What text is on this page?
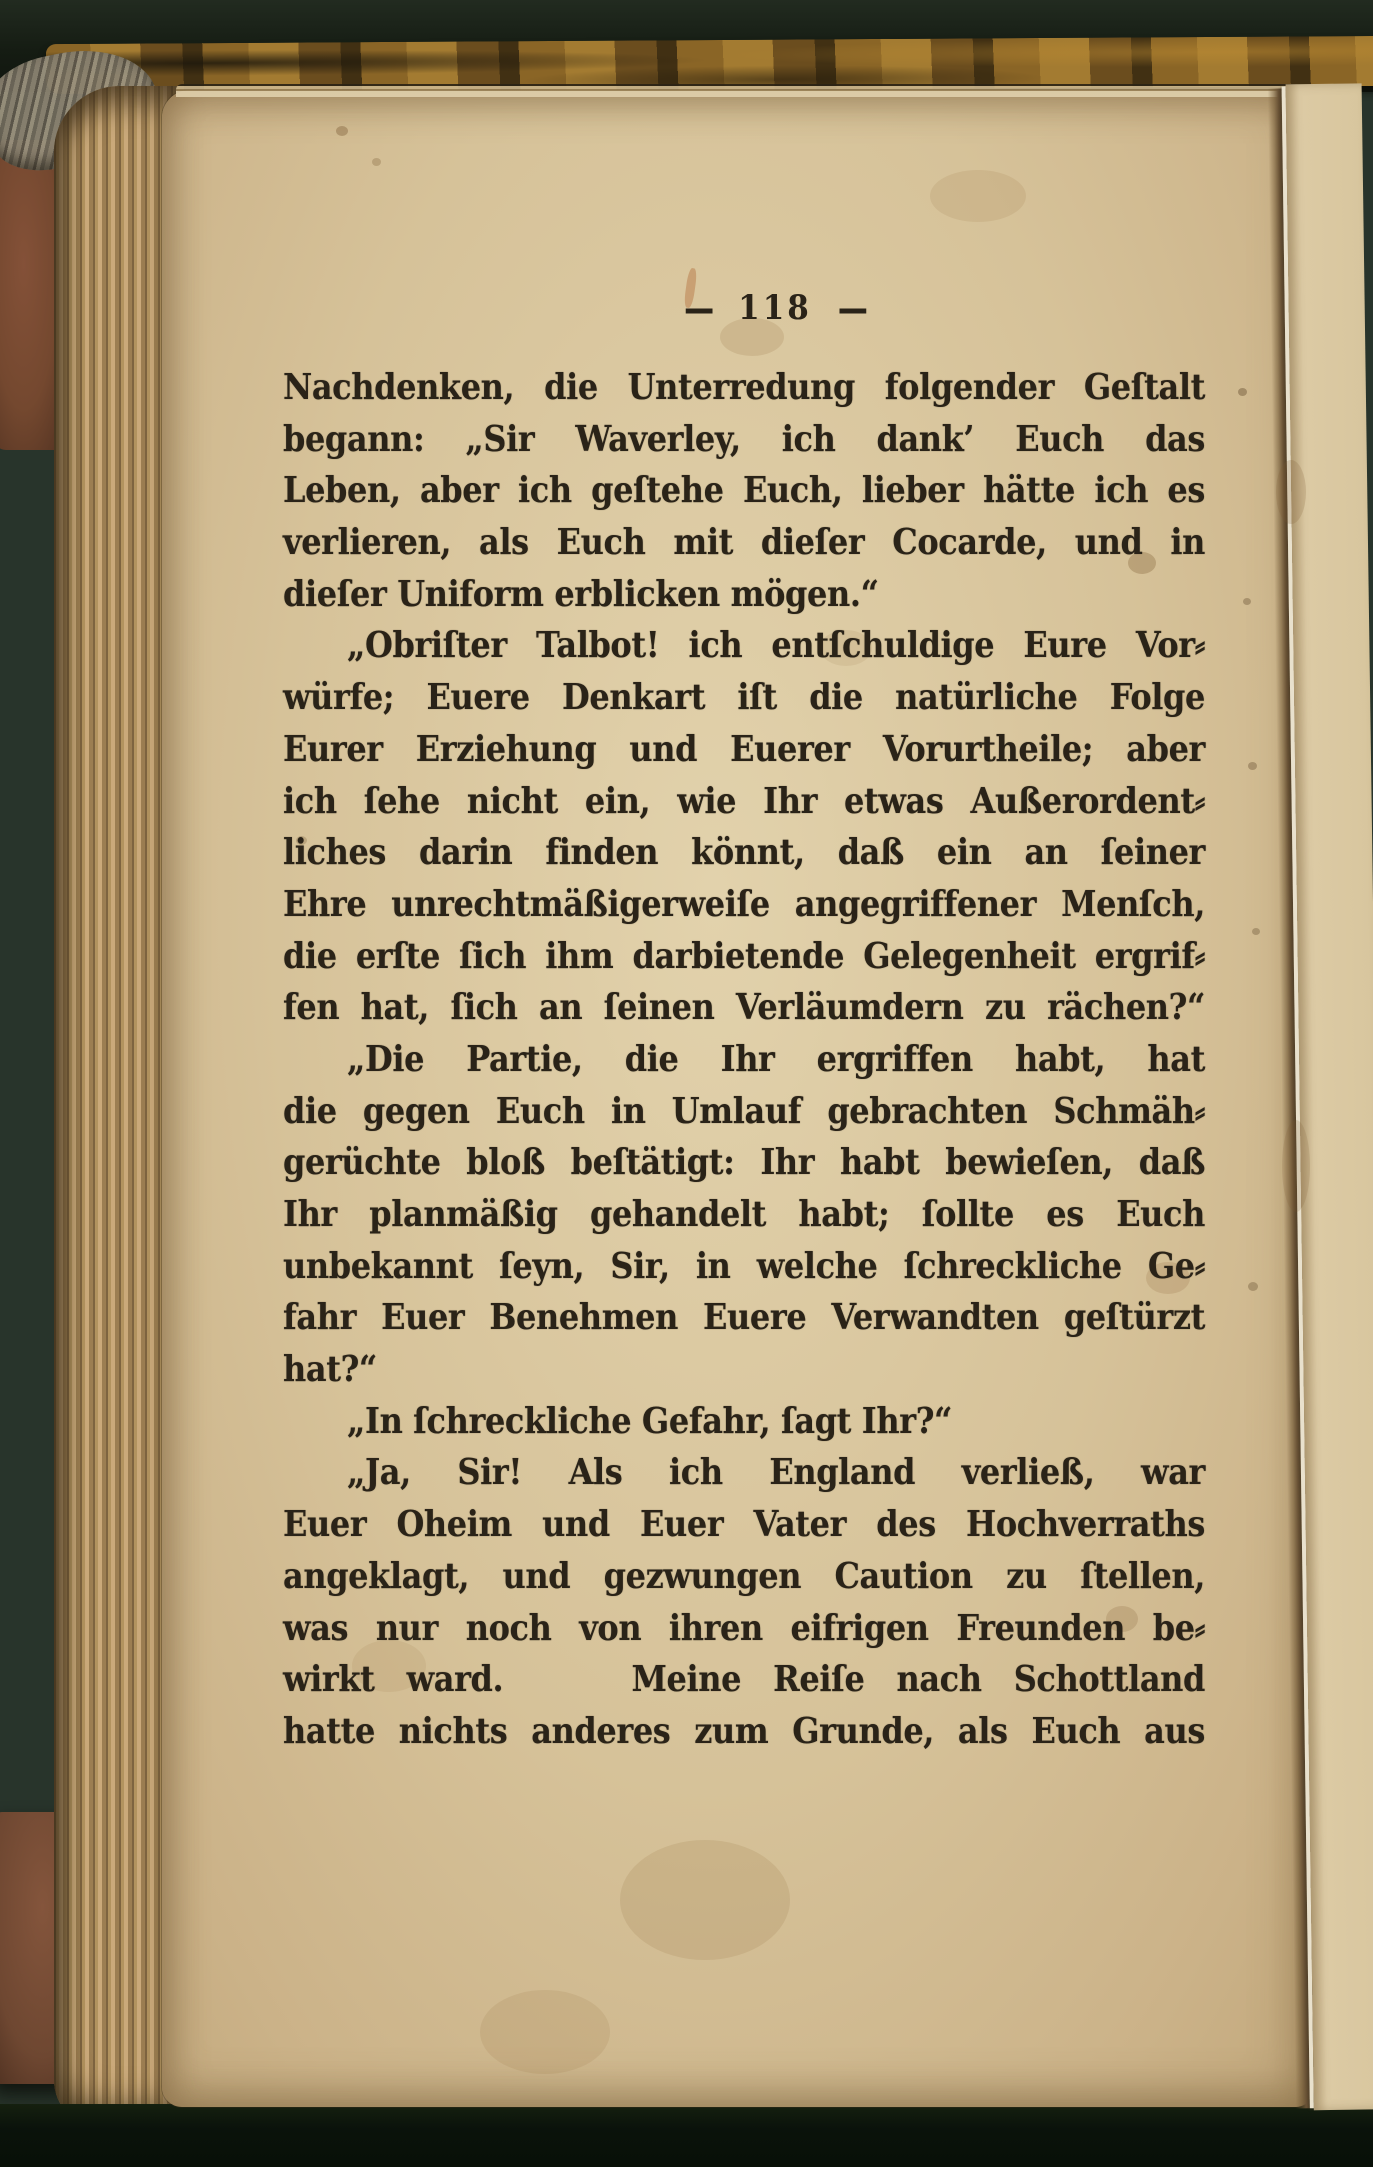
— 118 —
Nachdenken, die Unterredung folgender Geſtalt
begann: „Sir Waverley, ich dank’ Euch das
Leben, aber ich geſtehe Euch, lieber hätte ich es
verlieren, als Euch mit dieſer Cocarde, und in
dieſer Uniform erblicken mögen.“
„Obriſter Talbot! ich entſchuldige Eure Vor⸗
würfe; Euere Denkart iſt die natürliche Folge
Eurer Erziehung und Euerer Vorurtheile; aber
ich ſehe nicht ein, wie Ihr etwas Außerordent⸗
liches darin finden könnt, daß ein an ſeiner
Ehre unrechtmäßigerweiſe angegriffener Menſch,
die erſte ſich ihm darbietende Gelegenheit ergrif⸗
fen hat, ſich an ſeinen Verläumdern zu rächen?“
„Die Partie, die Ihr ergriffen habt, hat
die gegen Euch in Umlauf gebrachten Schmäh⸗
gerüchte bloß beſtätigt: Ihr habt bewieſen, daß
Ihr planmäßig gehandelt habt; ſollte es Euch
unbekannt ſeyn, Sir, in welche ſchreckliche Ge⸗
fahr Euer Benehmen Euere Verwandten geſtürzt
hat?“
„In ſchreckliche Gefahr, ſagt Ihr?“
„Ja, Sir! Als ich England verließ, war
Euer Oheim und Euer Vater des Hochverraths
angeklagt, und gezwungen Caution zu ſtellen,
was nur noch von ihren eifrigen Freunden be⸗
wirkt ward.    Meine Reiſe nach Schottland
hatte nichts anderes zum Grunde, als Euch aus
